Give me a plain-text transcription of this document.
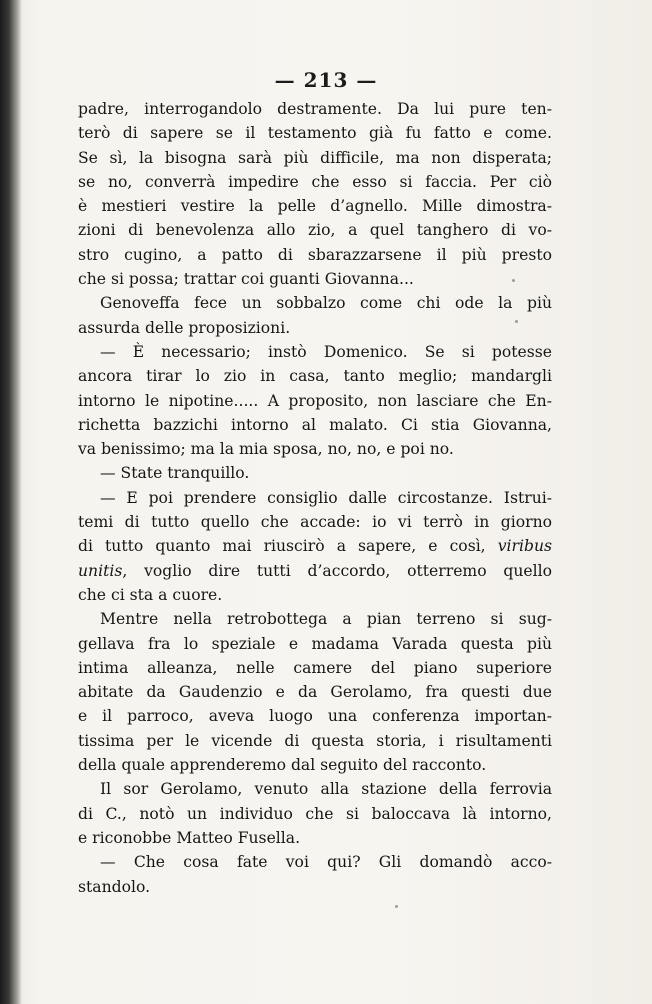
— 213 —
padre, interrogandolo destramente. Da lui pure ten-
terò di sapere se il testamento già fu fatto e come.
Se sì, la bisogna sarà più difficile, ma non disperata;
se no, converrà impedire che esso si faccia. Per ciò
è mestieri vestire la pelle d’agnello. Mille dimostra-
zioni di benevolenza allo zio, a quel tanghero di vo-
stro cugino, a patto di sbarazzarsene il più presto
che si possa; trattar coi guanti Giovanna...
Genoveffa fece un sobbalzo come chi ode la più
assurda delle proposizioni.
— È necessario; instò Domenico. Se si potesse
ancora tirar lo zio in casa, tanto meglio; mandargli
intorno le nipotine..... A proposito, non lasciare che En-
richetta bazzichi intorno al malato. Ci stia Giovanna,
va benissimo; ma la mia sposa, no, no, e poi no.
— State tranquillo.
— E poi prendere consiglio dalle circostanze. Istrui-
temi di tutto quello che accade: io vi terrò in giorno
di tutto quanto mai riuscirò a sapere, e così, viribus
unitis, voglio dire tutti d’accordo, otterremo quello
che ci sta a cuore.
Mentre nella retrobottega a pian terreno si sug-
gellava fra lo speziale e madama Varada questa più
intima alleanza, nelle camere del piano superiore
abitate da Gaudenzio e da Gerolamo, fra questi due
e il parroco, aveva luogo una conferenza importan-
tissima per le vicende di questa storia, i risultamenti
della quale apprenderemo dal seguito del racconto.
Il sor Gerolamo, venuto alla stazione della ferrovia
di C., notò un individuo che si baloccava là intorno,
e riconobbe Matteo Fusella.
— Che cosa fate voi qui? Gli domandò acco-
standolo.
